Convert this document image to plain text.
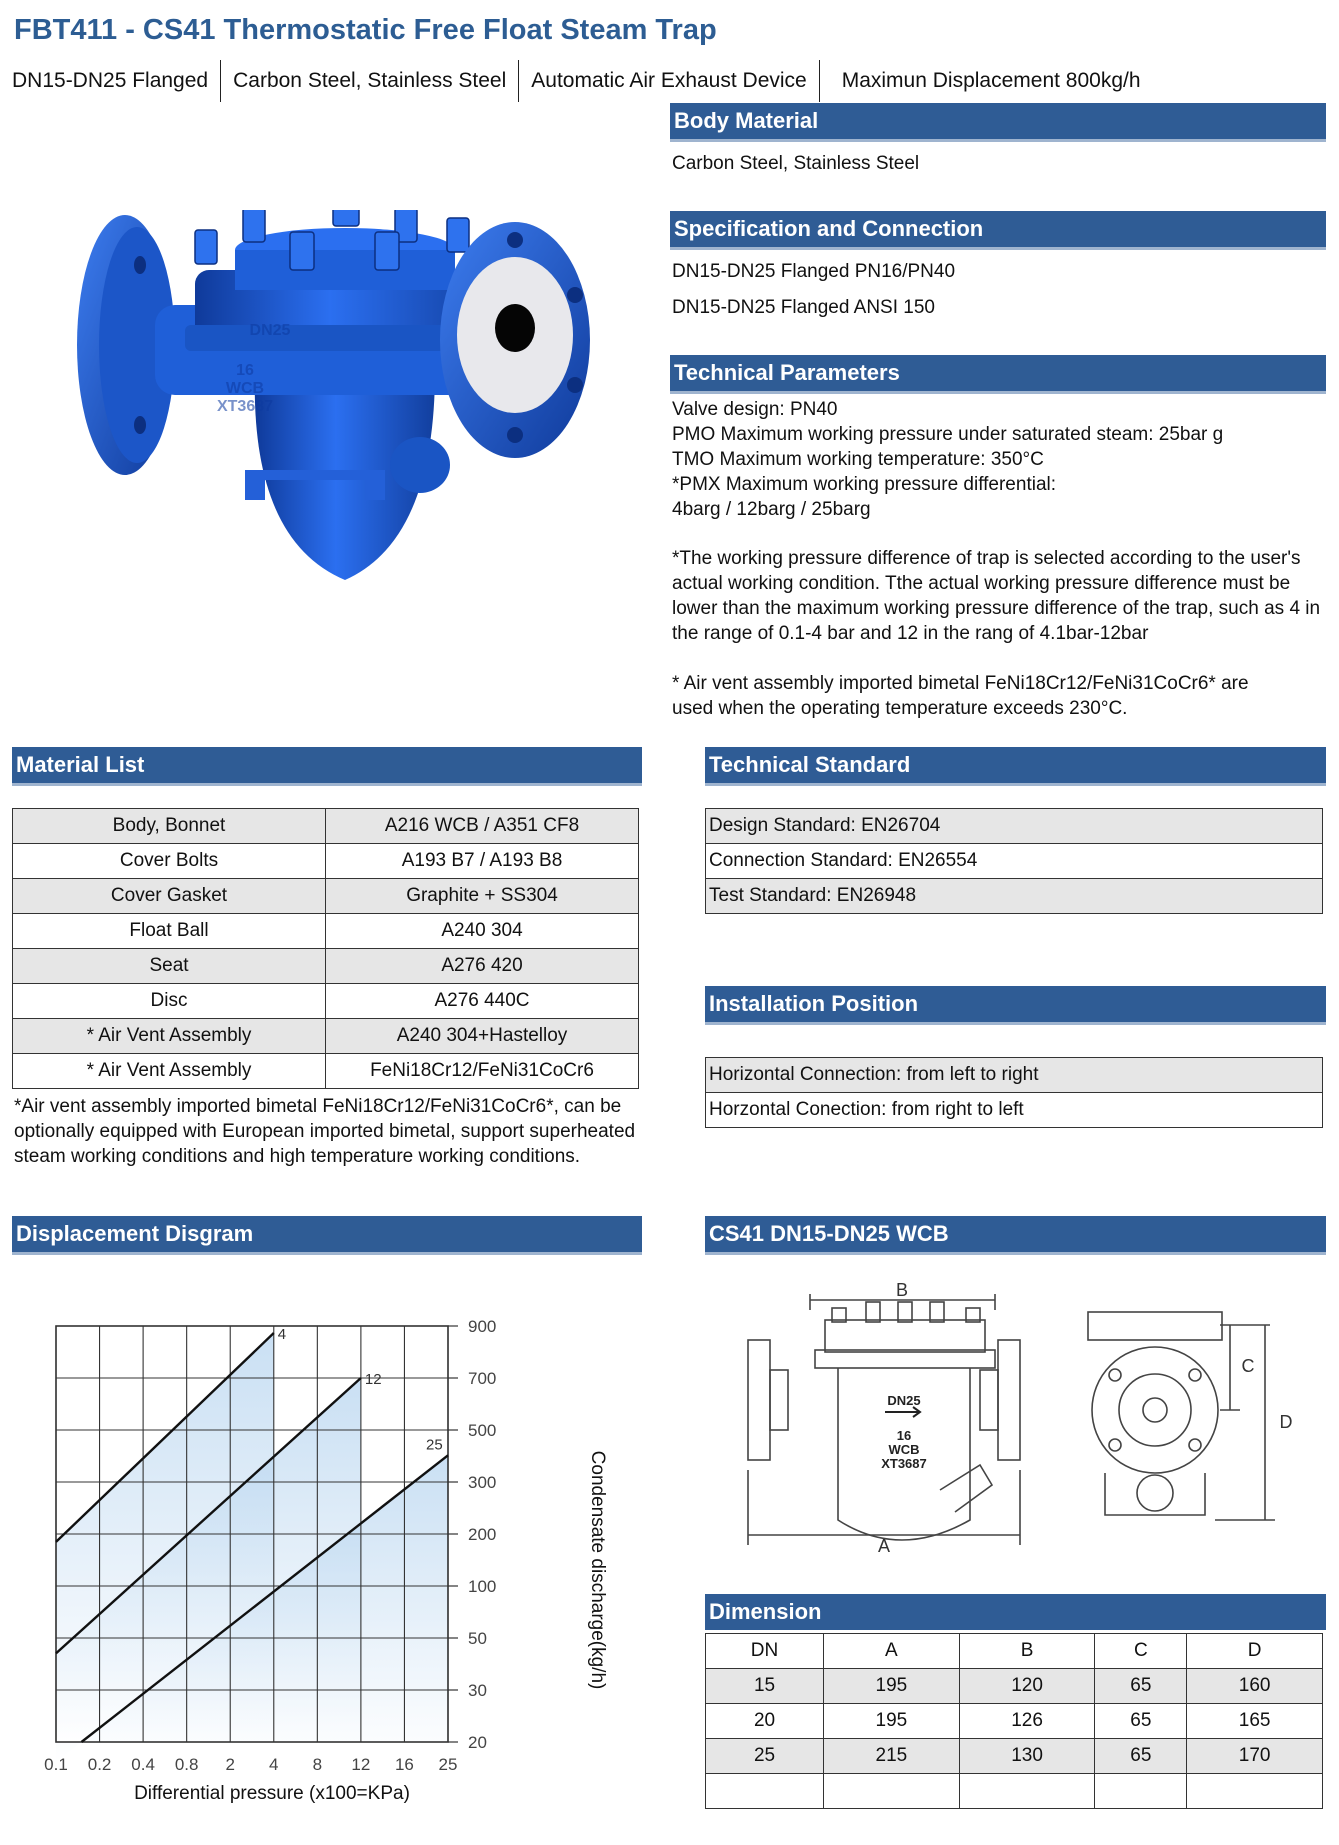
FBT411 - CS41 Thermostatic Free Float Steam Trap
DN15-DN25 Flanged	Carbon Steel, Stainless Steel	Automatic Air Exhaust Device	Maximun Displacement 800kg/h
DN25
16
WCB
XT3687
Body Material
Carbon Steel, Stainless Steel
Specification and Connection
DN15-DN25 Flanged PN16/PN40
DN15-DN25 Flanged ANSI 150
Technical Parameters
Valve design: PN40
PMO Maximum working pressure under saturated steam: 25bar g
TMO Maximum working temperature: 350°C
*PMX Maximum working pressure differential:
4barg / 12barg / 25barg
*The working pressure difference of trap is selected according to the user's actual working condition. Tthe actual working pressure difference must be lower than the maximum working pressure difference of the trap, such as 4 in the range of 0.1-4 bar and 12 in the rang of 4.1bar-12bar
* Air vent assembly imported bimetal FeNi18Cr12/FeNi31CoCr6* are used when the operating temperature exceeds 230°C.
Material List
Body, Bonnet	A216 WCB / A351 CF8
Cover Bolts	A193 B7 / A193 B8
Cover Gasket	Graphite + SS304
Float Ball	A240 304
Seat	A276 420
Disc	A276 440C
* Air Vent Assembly	A240 304+Hastelloy
* Air Vent Assembly	FeNi18Cr12/FeNi31CoCr6
*Air vent assembly imported bimetal FeNi18Cr12/FeNi31CoCr6*, can be optionally equipped with European imported bimetal, support superheated steam working conditions and high temperature working conditions.
Technical Standard
Design Standard: EN26704
Connection Standard: EN26554
Test Standard: EN26948
Installation Position
Horizontal Connection: from left to right
Horzontal Conection: from right to left
Displacement Disgram
4
12
25
0.1 0.2 0.4 0.8 2 4 8 12 16 25
20
30
50
100
200
300
500
700
900
Differential pressure (x100=KPa)
Condensate discharge(kg/h)
CS41 DN15-DN25 WCB
B
A
C
D
DN25
16
WCB
XT3687
Dimension
DN	A	B	C	D
15	195	120	65	160
20	195	126	65	165
25	215	130	65	170
